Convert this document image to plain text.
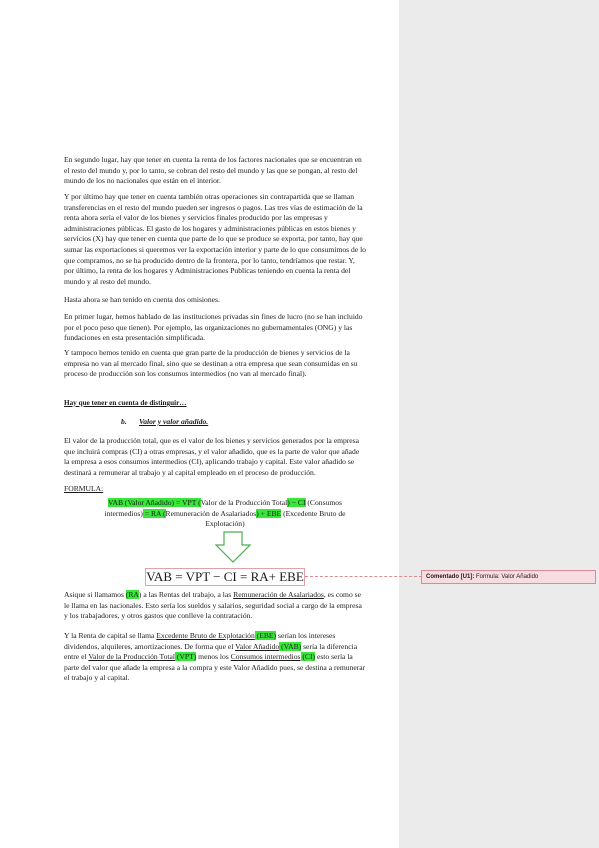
En segundo lugar, hay que tener en cuenta la renta de los factores nacionales que se encuentran en el resto del mundo y, por lo tanto, se cobran del resto del mundo y las que se pongan, al resto del mundo de los no nacionales que están en el interior.

Y por último hay que tener en cuenta también otras operaciones sin contrapartida que se llaman transferencias en el resto del mundo pueden ser ingresos o pagos. Las tres vías de estimación de la renta ahora sería el valor de los bienes y servicios finales producido por las empresas y administraciones públicas. El gasto de los hogares y administraciones públicas en estos bienes y servicios (X) hay que tener en cuenta que parte de lo que se produce se exporta, por tanto, hay que sumar las exportaciones si queremos ver la exportación interior y parte de lo que consumimos de lo que compramos, no se ha producido dentro de la frontera, por lo tanto, tendríamos que restar. Y, por último, la renta de los hogares y Administraciones Publicas teniendo en cuenta la renta del mundo y al resto del mundo.

Hasta ahora se han tenido en cuenta dos omisiones.

En primer lugar, hemos hablado de las instituciones privadas sin fines de lucro (no se han incluido por el poco peso que tienen). Por ejemplo, las organizaciones no gubernamentales (ONG) y las fundaciones en esta presentación simplificada.

Y tampoco hemos tenido en cuenta que gran parte de la producción de bienes y servicios de la empresa no van al mercado final, sino que se destinan a otra empresa que sean consumidas en su proceso de producción son los consumos intermedios (no van al mercado final).

Hay que tener en cuenta de distinguir…
b. Valor y valor añadido.

El valor de la producción total, que es el valor de los bienes y servicios generados por la empresa que incluirá compras (CI) a otras empresas, y el valor añadido, que es la parte de valor que añade la empresa a esos consumos intermedios (CI), aplicando trabajo y capital. Este valor añadido se destinará a remunerar al trabajo y al capital empleado en el proceso de producción.

FORMULA:
VAB (Valor Añadido) = VPT (Valor de la Producción Total) − CI (Consumos intermedios) = RA (Remuneración de Asalariados) + EBE (Excedente Bruto de Explotación)
VAB = VPT − CI = RA+ EBE

Asique si llamamos (RA) a las Rentas del trabajo, a las Remuneración de Asalariados, es como se le llama en las nacionales. Esto sería los sueldos y salarios, seguridad social a cargo de la empresa y los trabajadores, y otros gastos que conlleve la contratación.

Y la Renta de capital se llama Excedente Bruto de Explotación (EBE) serían los intereses dividendos, alquileres, amortizaciones. De forma que el Valor Añadido (VAB) sería la diferencia entre el Valor de la Producción Total (VPT) menos los Consumos intermedios (CI) esto sería la parte del valor que añade la empresa a la compra y este Valor Añadido pues, se destina a remunerar el trabajo y al capital.

Comentado [U1]: Formula: Valor Añadido
